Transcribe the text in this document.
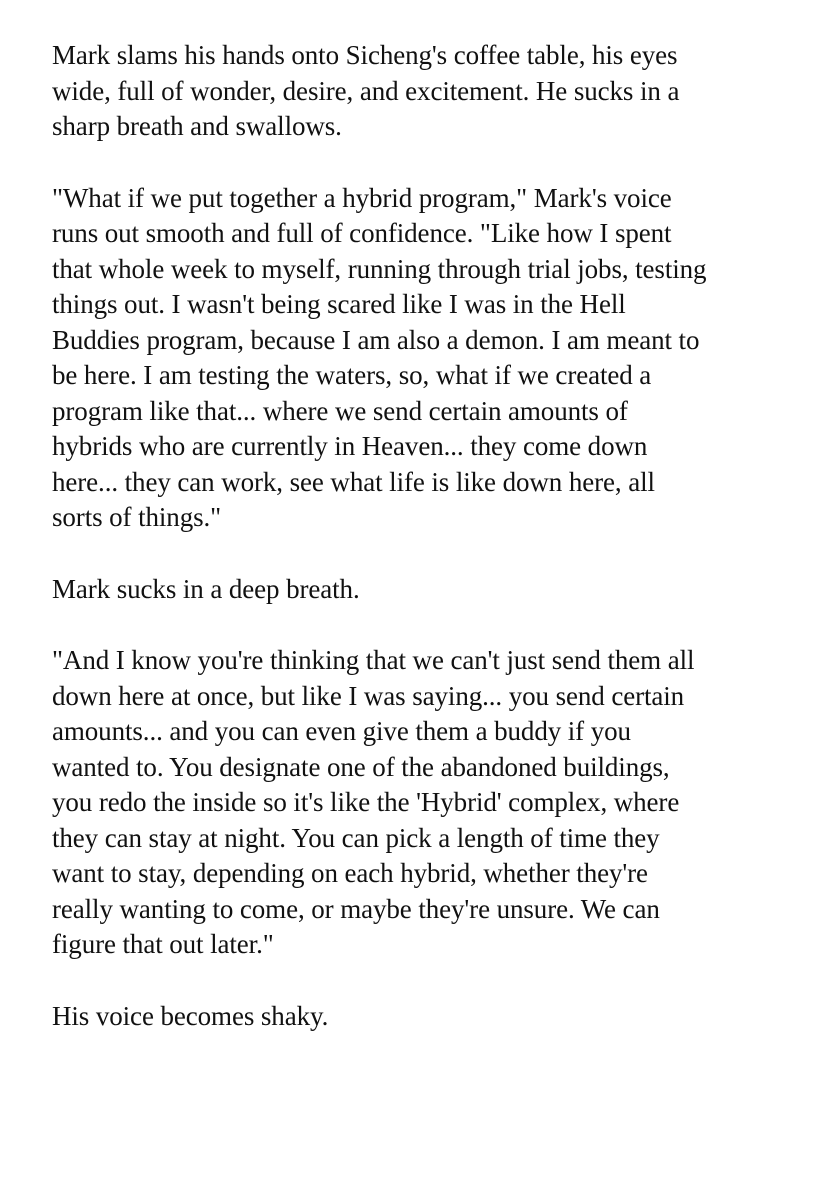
Mark slams his hands onto Sicheng's coffee table, his eyes
wide, full of wonder, desire, and excitement. He sucks in a
sharp breath and swallows.

"What if we put together a hybrid program," Mark's voice
runs out smooth and full of confidence. "Like how I spent
that whole week to myself, running through trial jobs, testing
things out. I wasn't being scared like I was in the Hell
Buddies program, because I am also a demon. I am meant to
be here. I am testing the waters, so, what if we created a
program like that... where we send certain amounts of
hybrids who are currently in Heaven... they come down
here... they can work, see what life is like down here, all
sorts of things."

Mark sucks in a deep breath.

"And I know you're thinking that we can't just send them all
down here at once, but like I was saying... you send certain
amounts... and you can even give them a buddy if you
wanted to. You designate one of the abandoned buildings,
you redo the inside so it's like the 'Hybrid' complex, where
they can stay at night. You can pick a length of time they
want to stay, depending on each hybrid, whether they're
really wanting to come, or maybe they're unsure. We can
figure that out later."

His voice becomes shaky.
